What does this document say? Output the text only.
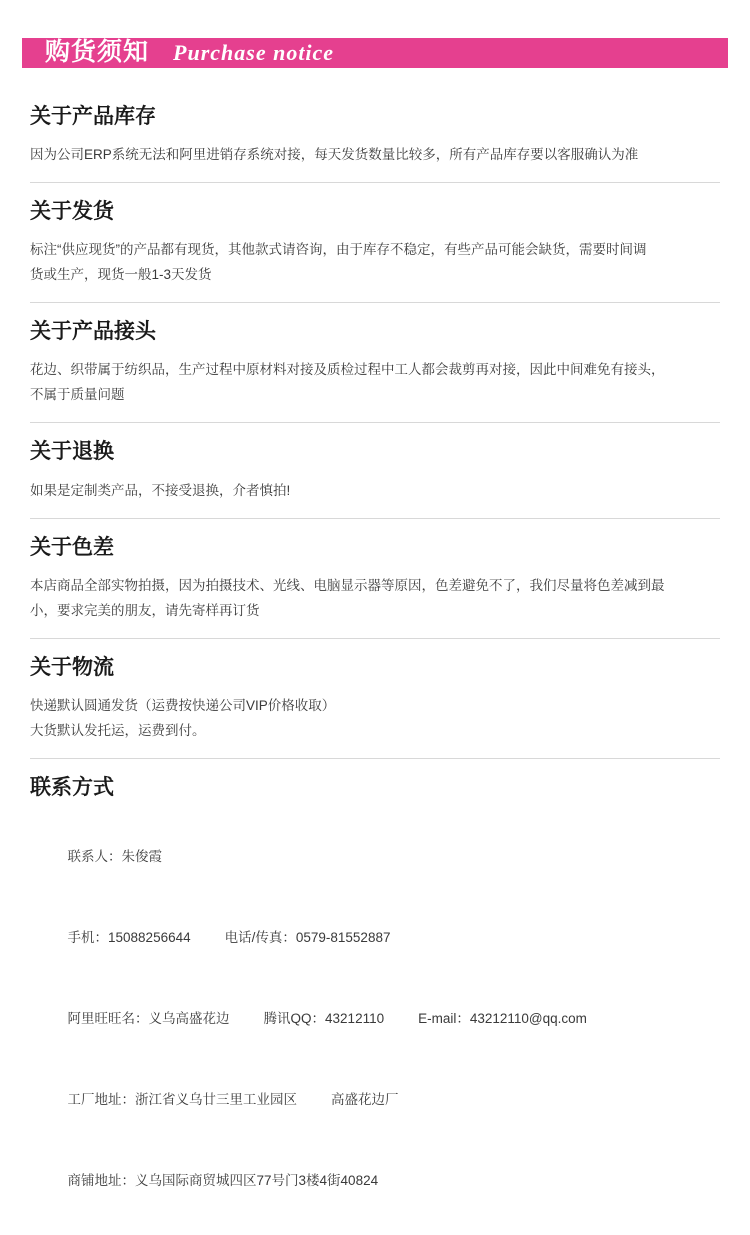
购货须知 Purchase notice
关于产品库存

因为公司ERP系统无法和阿里进销存系统对接，每天发货数量比较多，所有产品库存要以客服确认为准

关于发货

标注“供应现货”的产品都有现货，其他款式请咨询，由于库存不稳定，有些产品可能会缺货，需要时间调

货或生产，现货一般1-3天发货

关于产品接头

花边、织带属于纺织品，生产过程中原材料对接及质检过程中工人都会裁剪再对接，因此中间难免有接头，

不属于质量问题

关于退换

如果是定制类产品，不接受退换，介者慎拍!

关于色差

本店商品全部实物拍摄，因为拍摄技术、光线、电脑显示器等原因，色差避免不了，我们尽量将色差减到最

小，要求完美的朋友，请先寄样再订货

关于物流

快递默认圆通发货（运费按快递公司VIP价格收取）

大货默认发托运，运费到付。

联系方式

联系人：朱俊霞

手机：15088256644	电话/传真：0579-81552887

阿里旺旺名：义乌高盛花边	腾讯QQ：43212110	E-mail：43212110@qq.com

工厂地址：浙江省义乌廿三里工业园区	高盛花边厂

商铺地址：义乌国际商贸城四区77号门3楼4街40824
